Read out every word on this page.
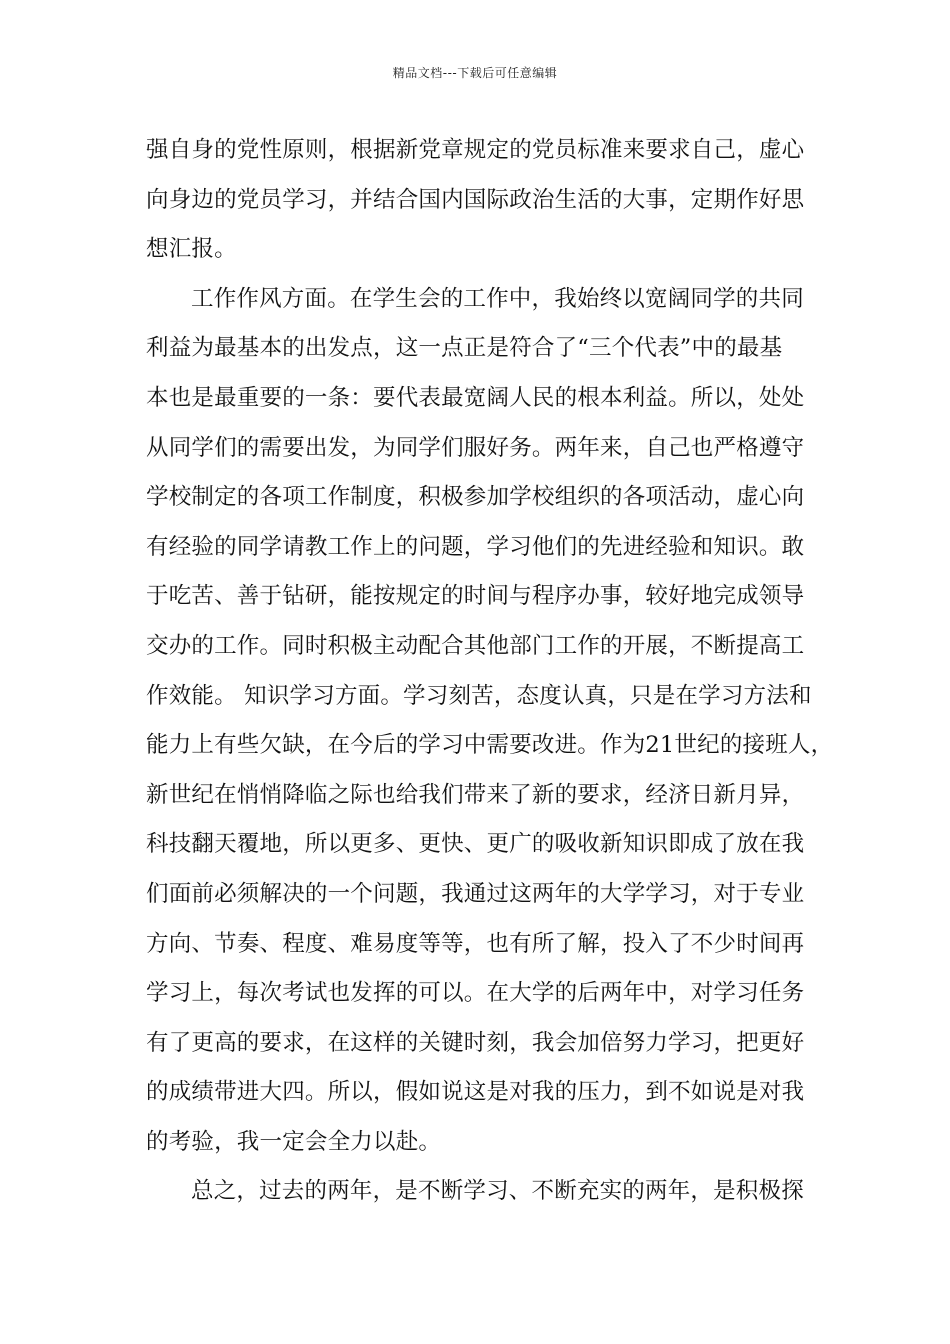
精品文档---下载后可任意编辑
强自身的党性原则，根据新党章规定的党员标准来要求自己，虚心
向身边的党员学习，并结合国内国际政治生活的大事，定期作好思
想汇报。
工作作风方面。在学生会的工作中，我始终以宽阔同学的共同
利益为最基本的出发点，这一点正是符合了“三个代表”中的最基
本也是最重要的一条：要代表最宽阔人民的根本利益。所以，处处
从同学们的需要出发，为同学们服好务。两年来，自己也严格遵守
学校制定的各项工作制度，积极参加学校组织的各项活动，虚心向
有经验的同学请教工作上的问题，学习他们的先进经验和知识。敢
于吃苦、善于钻研，能按规定的时间与程序办事，较好地完成领导
交办的工作。同时积极主动配合其他部门工作的开展，不断提高工
作效能。 知识学习方面。学习刻苦，态度认真，只是在学习方法和
能力上有些欠缺，在今后的学习中需要改进。作为21世纪的接班人，
新世纪在悄悄降临之际也给我们带来了新的要求，经济日新月异，
科技翻天覆地，所以更多、更快、更广的吸收新知识即成了放在我
们面前必须解决的一个问题，我通过这两年的大学学习，对于专业
方向、节奏、程度、难易度等等，也有所了解，投入了不少时间再
学习上，每次考试也发挥的可以。在大学的后两年中，对学习任务
有了更高的要求，在这样的关键时刻，我会加倍努力学习，把更好
的成绩带进大四。所以，假如说这是对我的压力，到不如说是对我
的考验，我一定会全力以赴。
总之，过去的两年，是不断学习、不断充实的两年，是积极探
